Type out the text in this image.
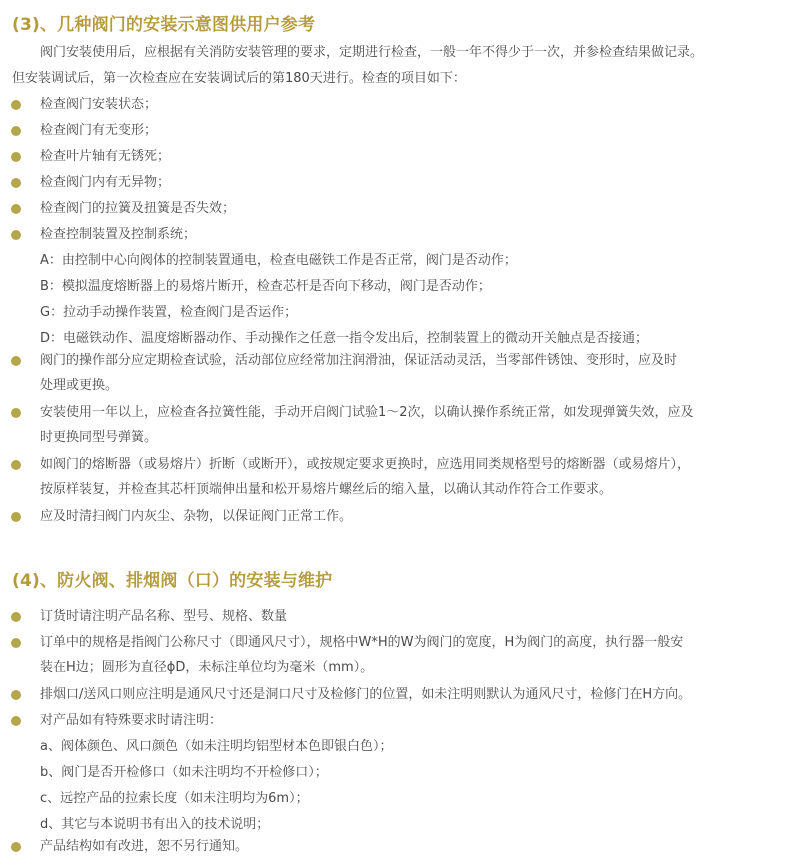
(3)、几种阀门的安装示意图供用户参考
阀门安装使用后，应根据有关消防安装管理的要求，定期进行检查，一般一年不得少于一次，并参检查结果做记录。
但安装调试后，第一次检查应在安装调试后的第180天进行。检查的项目如下：
检查阀门安装状态；
检查阀门有无变形；
检查叶片轴有无锈死；
检查阀门内有无异物；
检查阀门的拉簧及扭簧是否失效；
检查控制装置及控制系统；
A：由控制中心向阀体的控制装置通电，检查电磁铁工作是否正常，阀门是否动作；
B：模拟温度熔断器上的易熔片断开，检查芯杆是否向下移动，阀门是否动作；
G：拉动手动操作装置，检查阀门是否运作；
D：电磁铁动作、温度熔断器动作、手动操作之任意一指令发出后，控制装置上的微动开关触点是否接通；
阀门的操作部分应定期检查试验，活动部位应经常加注润滑油，保证活动灵活，当零部件锈蚀、变形时，应及时
处理或更换。
安装使用一年以上，应检查各拉簧性能，手动开启阀门试验1～2次，以确认操作系统正常，如发现弹簧失效，应及
时更换同型号弹簧。
如阀门的熔断器（或易熔片）折断（或断开），或按规定要求更换时，应选用同类规格型号的熔断器（或易熔片），
按原样装复，并检查其芯杆顶端伸出量和松开易熔片螺丝后的缩入量，以确认其动作符合工作要求。
应及时清扫阀门内灰尘、杂物，以保证阀门正常工作。
(4)、防火阀、排烟阀（口）的安装与维护
订货时请注明产品名称、型号、规格、数量
订单中的规格是指阀门公称尺寸（即通风尺寸），规格中W*H的W为阀门的宽度，H为阀门的高度，执行器一般安
装在H边；圆形为直径ϕD，未标注单位均为毫米（mm）。
排烟口/送风口则应注明是通风尺寸还是洞口尺寸及检修门的位置，如未注明则默认为通风尺寸，检修门在H方向。
对产品如有特殊要求时请注明：
a、阀体颜色、风口颜色（如未注明均铝型材本色即银白色）；
b、阀门是否开检修口（如未注明均不开检修口）；
c、远控产品的拉索长度（如未注明均为6m）；
d、其它与本说明书有出入的技术说明；
产品结构如有改进，恕不另行通知。
